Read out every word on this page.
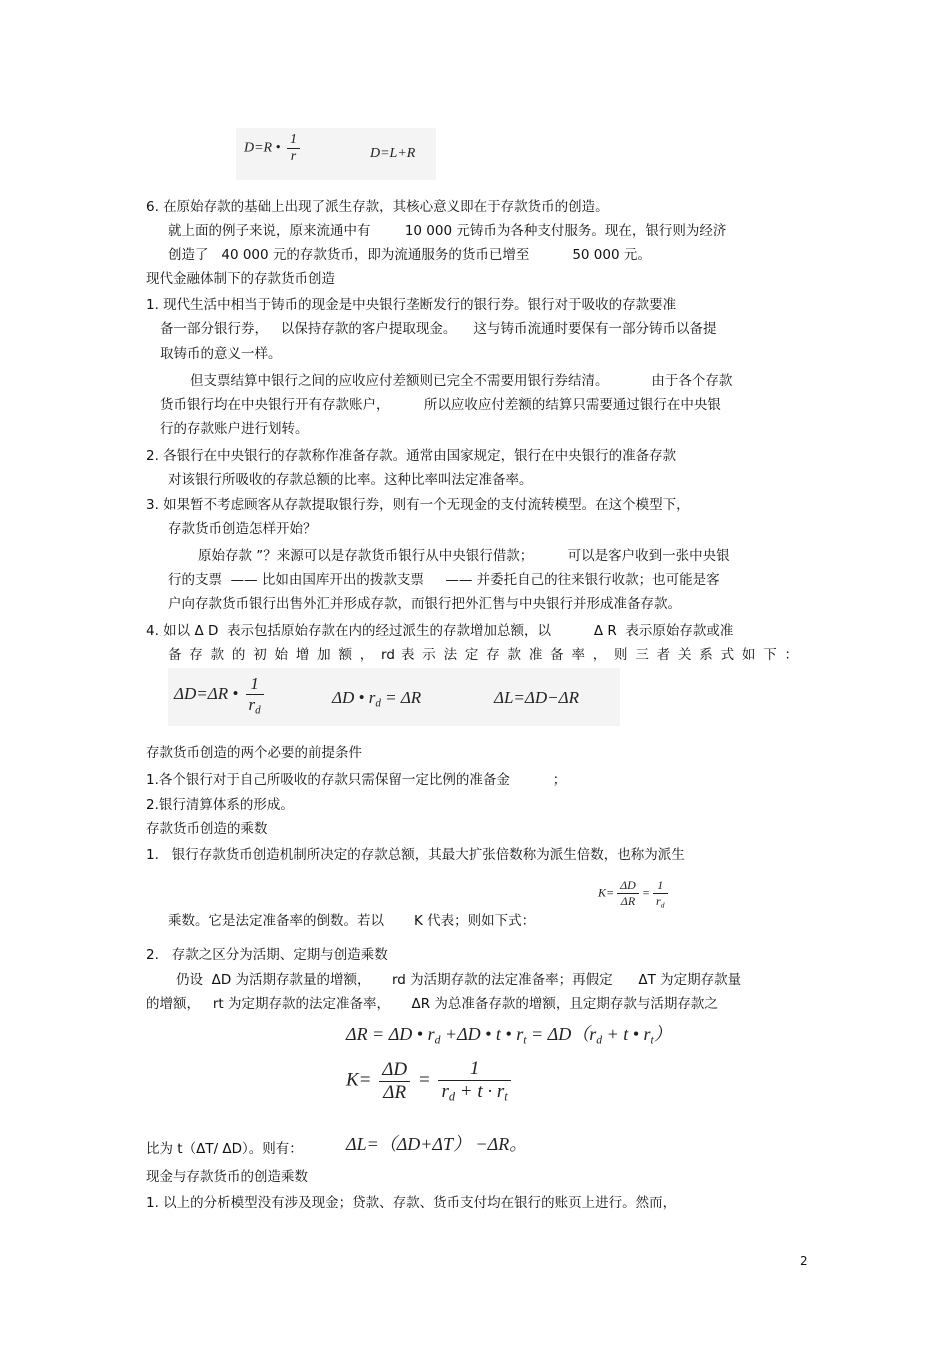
D=R • $\frac{1}{r}$	D=L+R
6. 在原始存款的基础上出现了派生存款，其核心意义即在于存款货币的创造。
就上面的例子来说，原来流通中有        10 000 元铸币为各种支付服务。现在，银行则为经济
创造了   40 000 元的存款货币，即为流通服务的货币已增至          50 000 元。
现代金融体制下的存款货币创造
1. 现代生活中相当于铸币的现金是中央银行垄断发行的银行券。银行对于吸收的存款要准
备一部分银行券，   以保持存款的客户提取现金。    这与铸币流通时要保有一部分铸币以备提
取铸币的意义一样。
但支票结算中银行之间的应收应付差额则已完全不需要用银行券结清。          由于各个存款
货币银行均在中央银行开有存款账户，        所以应收应付差额的结算只需要通过银行在中央银
行的存款账户进行划转。
2. 各银行在中央银行的存款称作准备存款。通常由国家规定，银行在中央银行的准备存款
对该银行所吸收的存款总额的比率。这种比率叫法定准备率。
3. 如果暂不考虑顾客从存款提取银行券，则有一个无现金的支付流转模型。在这个模型下，
存款货币创造怎样开始？
原始存款 ”？来源可以是存款货币银行从中央银行借款；        可以是客户收到一张中央银
行的支票  —— 比如由国库开出的拨款支票     —— 并委托自己的往来银行收款；也可能是客
户向存款货币银行出售外汇并形成存款，而银行把外汇售与中央银行并形成准备存款。
4. 如以 Δ D  表示包括原始存款在内的经过派生的存款增加总额，以          Δ R  表示原始存款或准
备 存 款 的 初 始 增 加 额 ， rd 表 示 法 定 存 款 准 备 率 ， 则 三 者 关 系 式 如 下 ：
ΔD=ΔR • $\frac{1}{r_d}$	ΔD • $r_d = \Delta R$	ΔL=ΔD−ΔR
存款货币创造的两个必要的前提条件
1.各个银行对于自己所吸收的存款只需保留一定比例的准备金          ；
2.银行清算体系的形成。
存款货币创造的乘数
1.   银行存款货币创造机制所决定的存款总额，其最大扩张倍数称为派生倍数，也称为派生
$K= \frac{\Delta D}{\Delta R} = \frac{1}{r_d}$
乘数。它是法定准备率的倒数。若以       K 代表；则如下式：
2.   存款之区分为活期、定期与创造乘数
仍设  ΔD 为活期存款量的增额，     rd 为活期存款的法定准备率；再假定      ΔT 为定期存款量
的增额，   rt 为定期存款的法定准备率，     ΔR 为总准备存款的增额，且定期存款与活期存款之
ΔR = ΔD • $r_d +\Delta D$ • t • $r_t = \Delta D(r_d + t$ • $r_t$）
$K= \frac{\Delta D}{\Delta R} = \frac{1}{r_d + t \cdot r_t}$
比为 t（ΔT/ ΔD）。则有： ΔL=（ΔD+ΔT） −ΔR。
现金与存款货币的创造乘数
1. 以上的分析模型没有涉及现金；贷款、存款、货币支付均在银行的账页上进行。然而，
2
